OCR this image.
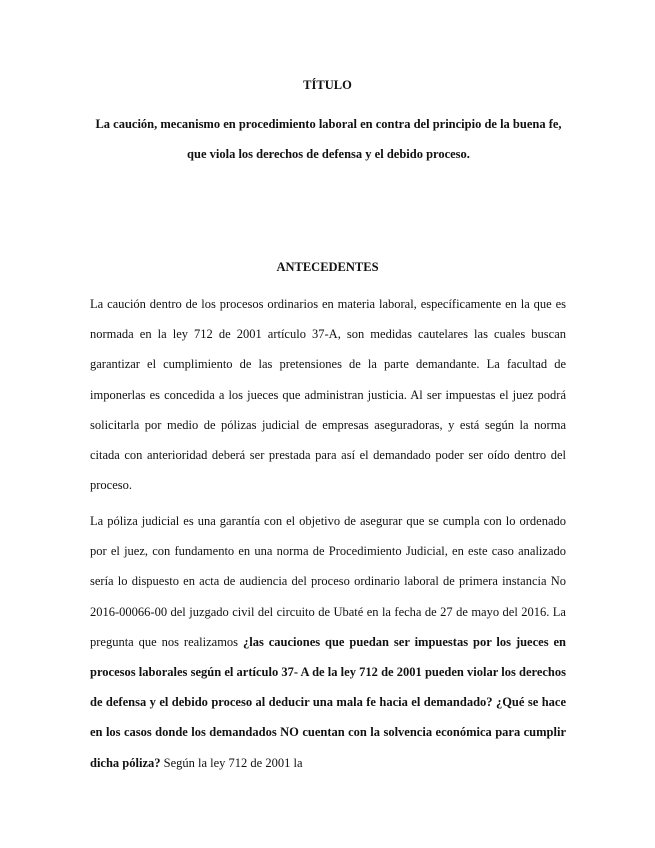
TÍTULO

La caución, mecanismo en procedimiento laboral en contra del principio de la buena fe, que viola los derechos de defensa y el debido proceso.

ANTECEDENTES

La caución dentro de los procesos ordinarios en materia laboral, específicamente en la que es normada en la ley 712 de 2001 artículo 37-A, son medidas cautelares las cuales buscan garantizar el cumplimiento de las pretensiones de la parte demandante. La facultad de imponerlas es concedida a los jueces que administran justicia. Al ser impuestas el juez podrá solicitarla por medio de pólizas judicial de empresas aseguradoras, y está según la norma citada con anterioridad deberá ser prestada para así el demandado poder ser oído dentro del proceso.

La póliza judicial es una garantía con el objetivo de asegurar que se cumpla con lo ordenado por el juez, con fundamento en una norma de Procedimiento Judicial, en este caso analizado sería lo dispuesto en acta de audiencia del proceso ordinario laboral de primera instancia No 2016-00066-00 del juzgado civil del circuito de Ubaté en la fecha de 27 de mayo del 2016. La pregunta que nos realizamos ¿las cauciones que puedan ser impuestas por los jueces en procesos laborales según el artículo 37- A de la ley 712 de 2001 pueden violar los derechos de defensa y el debido proceso al deducir una mala fe hacia el demandado? ¿Qué se hace en los casos donde los demandados NO cuentan con la solvencia económica para cumplir dicha póliza? Según la ley 712 de 2001 la
